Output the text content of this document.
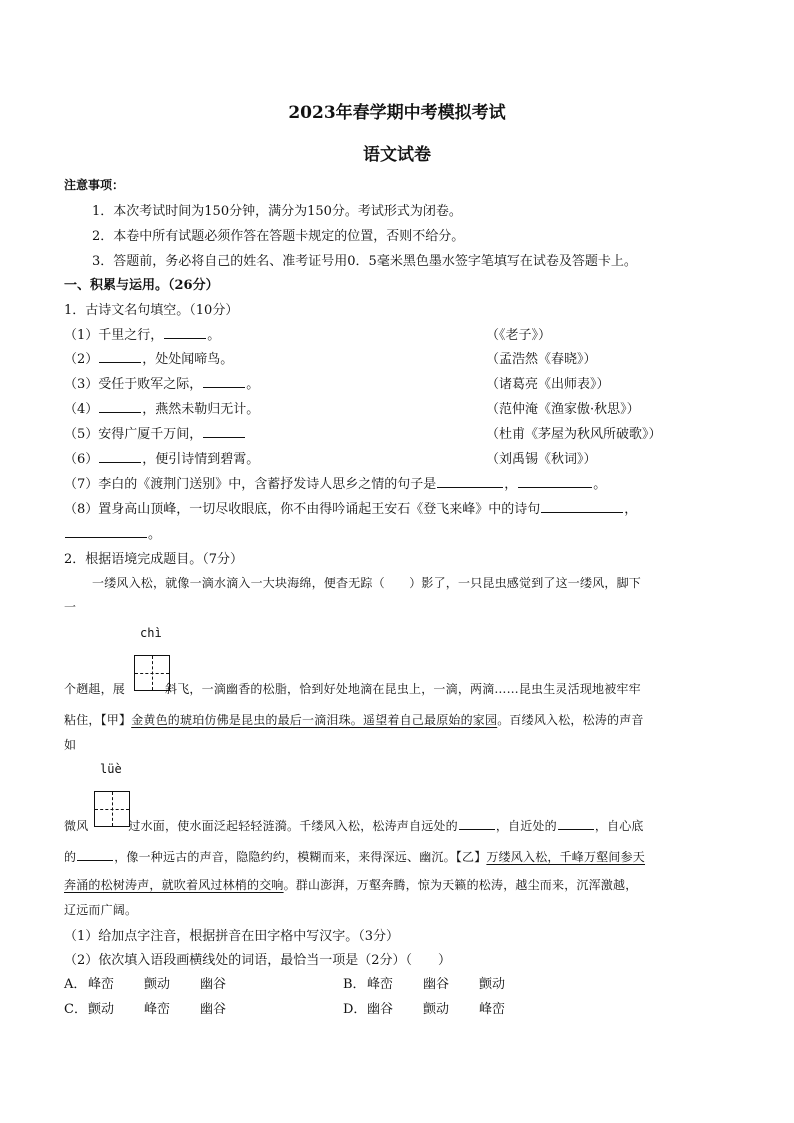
2023年春学期中考模拟考试
语文试卷
注意事项：
1．本次考试时间为150分钟，满分为150分。考试形式为闭卷。
2．本卷中所有试题必须作答在答题卡规定的位置，否则不给分。
3．答题前，务必将自己的姓名、准考证号用0．5毫米黑色墨水签字笔填写在试卷及答题卡上。
一、积累与运用。（26分）
1．古诗文名句填空。（10分）
（1）千里之行，	。	（《老子》）
（2）	，处处闻啼鸟。	（孟浩然《春晓》）
（3）受任于败军之际，	。	（诸葛亮《出师表》）
（4）	，燕然未勒归无计。	（范仲淹《渔家傲·秋思》）
（5）安得广厦千万间，	（杜甫《茅屋为秋风所破歌》）
（6）	，便引诗情到碧霄。	（刘禹锡《秋词》）
（7）李白的《渡荆门送别》中，含蓄抒发诗人思乡之情的句子是	，	。
（8）置身高山顶峰，一切尽收眼底，你不由得吟诵起王安石《登飞来峰》中的诗句	，
。
2．根据语境完成题目。（7分）
一缕风入松，就像一滴水滴入一大块海绵，便杳无踪（　　）影了，一只昆虫感觉到了这一缕风，脚下
一
chì
个趔趄，展	斜飞，一滴幽香的松脂，恰到好处地滴在昆虫上，一滴，两滴……昆虫生灵活现地被牢牢
粘住，【甲】金黄色的琥珀仿佛是昆虫的最后一滴泪珠。遥望着自己最原始的家园。百缕风入松，松涛的声音
如
lüè
微风	过水面，使水面泛起轻轻涟漪。千缕风入松，松涛声自远处的	，自近处的	，自心底
的	，像一种远古的声音，隐隐约约，模糊而来，来得深远、幽沉。【乙】万缕风入松，千峰万壑间参天
奔涌的松树涛声，就吹着风过林梢的交响。群山澎湃，万壑奔腾，惊为天籁的松涛，越尘而来，沉浑激越，
辽远而广阔。
（1）给加点字注音，根据拼音在田字格中写汉字。（3分）
（2）依次填入语段画横线处的词语，最恰当一项是（2分）（　　）
A． 峰峦 颤动 幽谷	B．峰峦 幽谷 颤动
C．颤动 峰峦 幽谷	D．幽谷 颤动 峰峦
